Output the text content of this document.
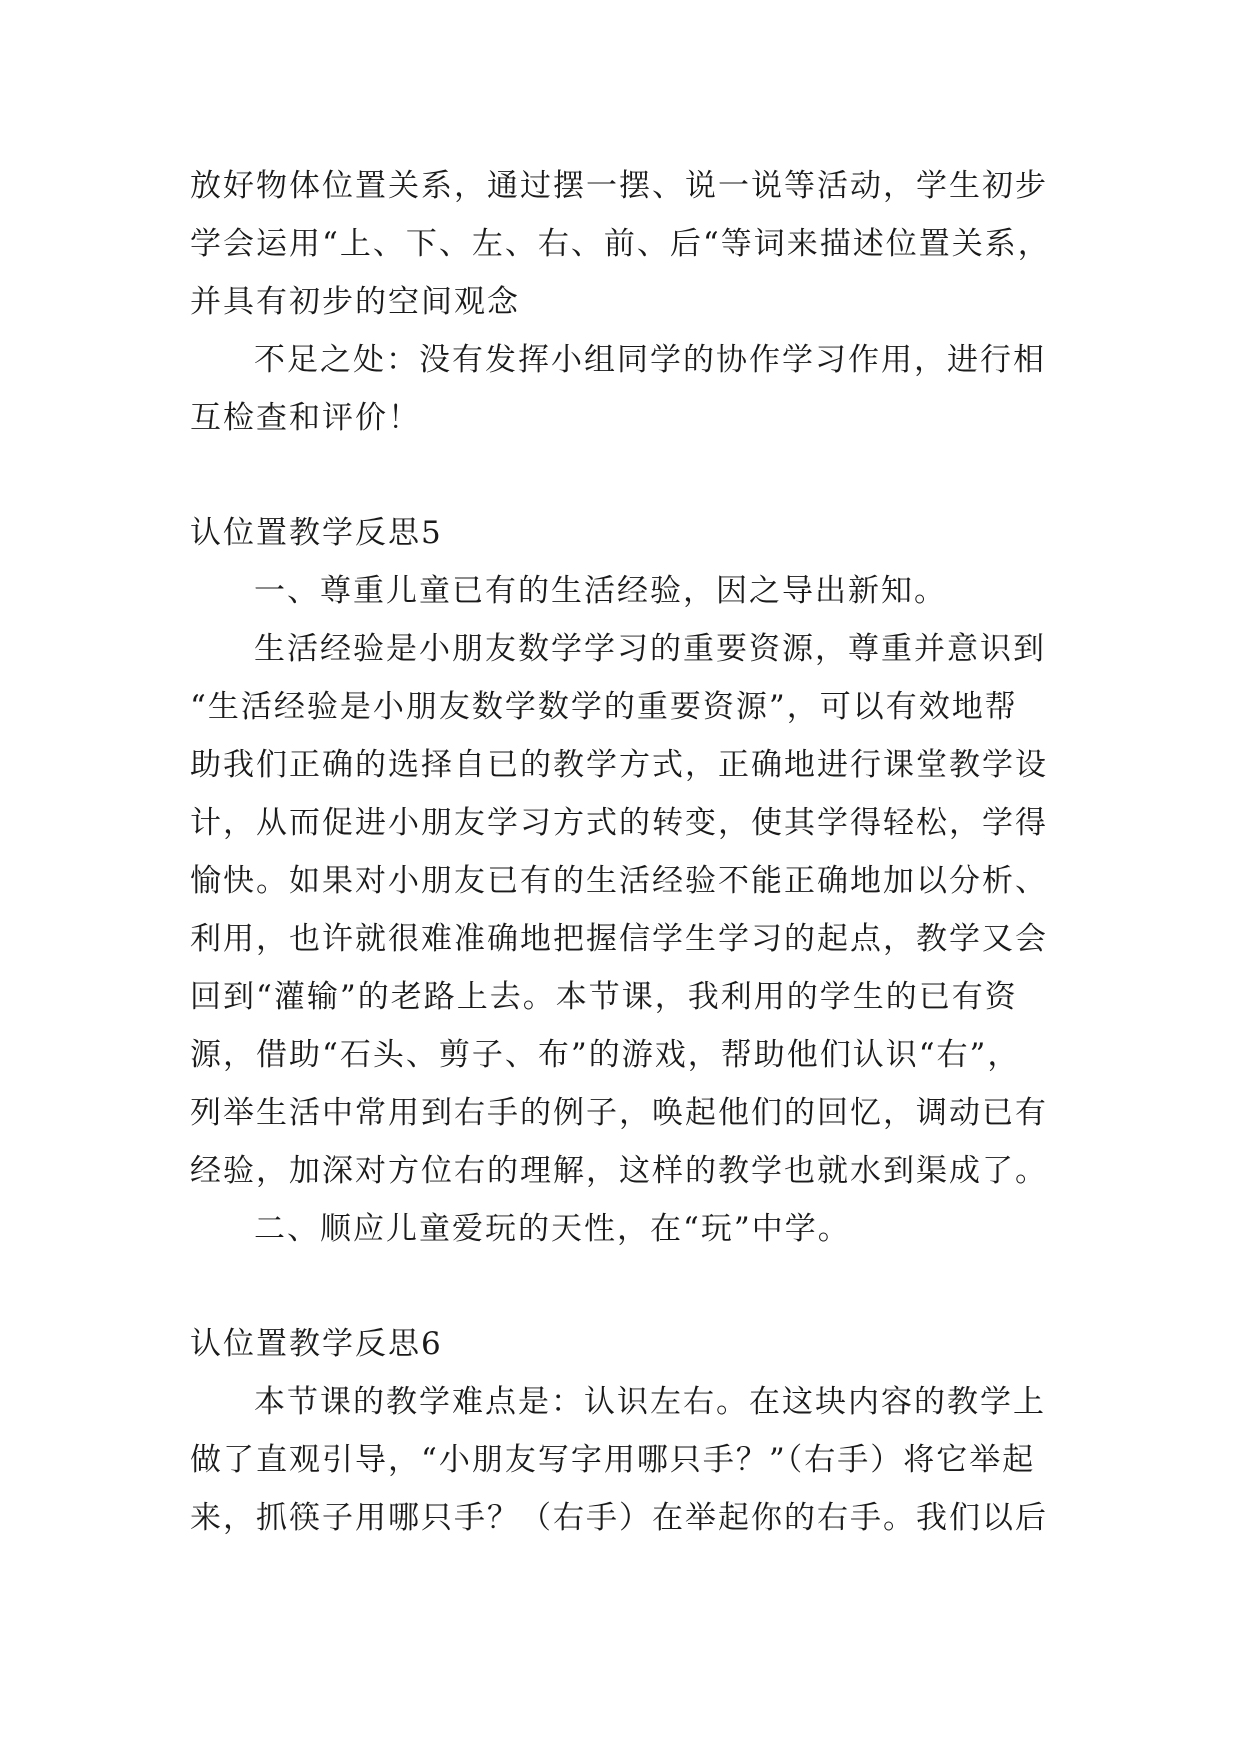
放好物体位置关系，通过摆一摆、说一说等活动，学生初步

学会运用“上、下、左、右、前、后“等词来描述位置关系，

并具有初步的空间观念

不足之处：没有发挥小组同学的协作学习作用，进行相

互检查和评价！

认位置教学反思5

一、尊重儿童已有的生活经验，因之导出新知。

生活经验是小朋友数学学习的重要资源，尊重并意识到

“生活经验是小朋友数学数学的重要资源”，可以有效地帮

助我们正确的选择自已的教学方式，正确地进行课堂教学设

计，从而促进小朋友学习方式的转变，使其学得轻松，学得

愉快。如果对小朋友已有的生活经验不能正确地加以分析、

利用，也许就很难准确地把握信学生学习的起点，教学又会

回到“灌输”的老路上去。本节课，我利用的学生的已有资

源，借助“石头、剪子、布”的游戏，帮助他们认识“右”，

列举生活中常用到右手的例子，唤起他们的回忆，调动已有

经验，加深对方位右的理解，这样的教学也就水到渠成了。

二、顺应儿童爱玩的天性，在“玩”中学。

认位置教学反思6

本节课的教学难点是：认识左右。在这块内容的教学上

做了直观引导，“小朋友写字用哪只手？”（右手）将它举起

来，抓筷子用哪只手？（右手）在举起你的右手。我们以后
